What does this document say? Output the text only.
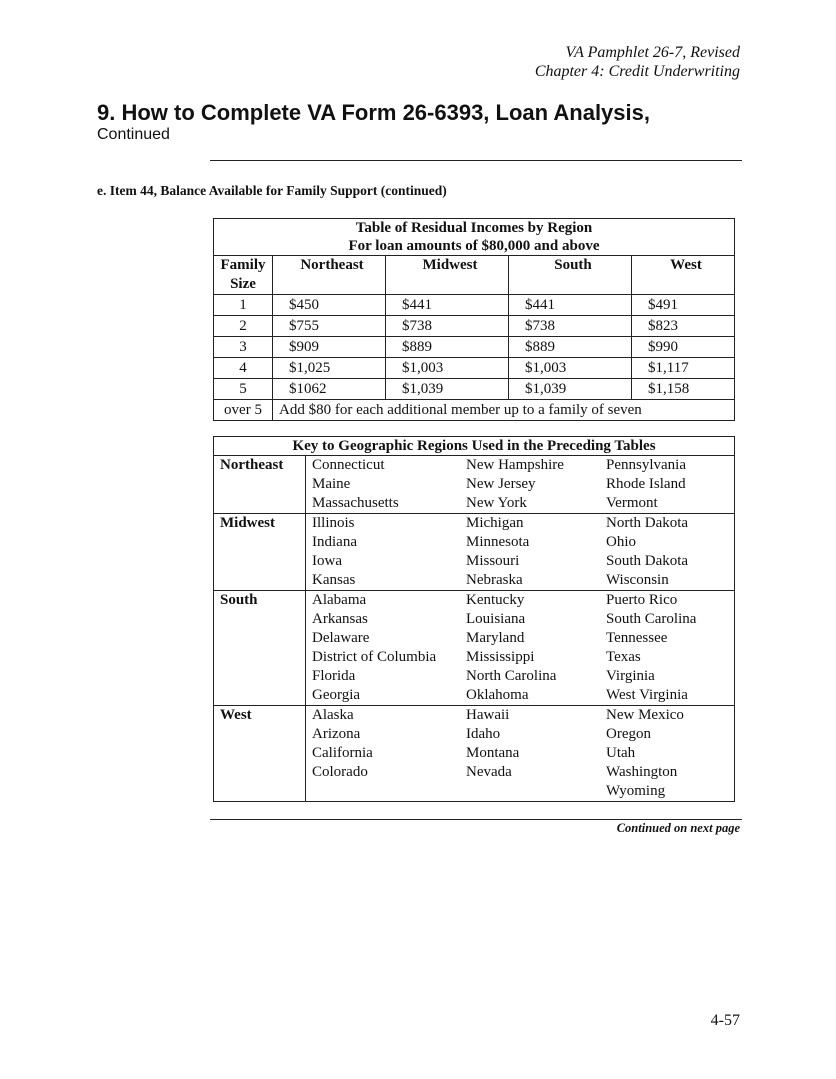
VA Pamphlet 26-7, Revised
Chapter 4: Credit Underwriting
9. How to Complete VA Form 26-6393, Loan Analysis,
Continued
e. Item 44, Balance Available for Family Support (continued)
Table of Residual Incomes by Region
For loan amounts of $80,000 and above				

Family Size	Northeast	Midwest	South	West
1	$450	$441	$441	$491
2	$755	$738	$738	$823
3	$909	$889	$889	$990
4	$1,025	$1,003	$1,003	$1,117
5	$1062	$1,039	$1,039	$1,158
over 5	Add $80 for each additional member up to a family of seven			
Key to Geographic Regions Used in the Preceding Tables			
Northeast	Connecticut	New Hampshire	Pennsylvania
	Maine	New Jersey	Rhode Island
	Massachusetts	New York	Vermont
Midwest	Illinois	Michigan	North Dakota
	Indiana	Minnesota	Ohio
	Iowa	Missouri	South Dakota
	Kansas	Nebraska	Wisconsin
South	Alabama	Kentucky	Puerto Rico
	Arkansas	Louisiana	South Carolina
	Delaware	Maryland	Tennessee
	District of Columbia	Mississippi	Texas
	Florida	North Carolina	Virginia
	Georgia	Oklahoma	West Virginia
West	Alaska	Hawaii	New Mexico
	Arizona	Idaho	Oregon
	California	Montana	Utah
	Colorado	Nevada	Washington
			Wyoming
Continued on next page
4-57
